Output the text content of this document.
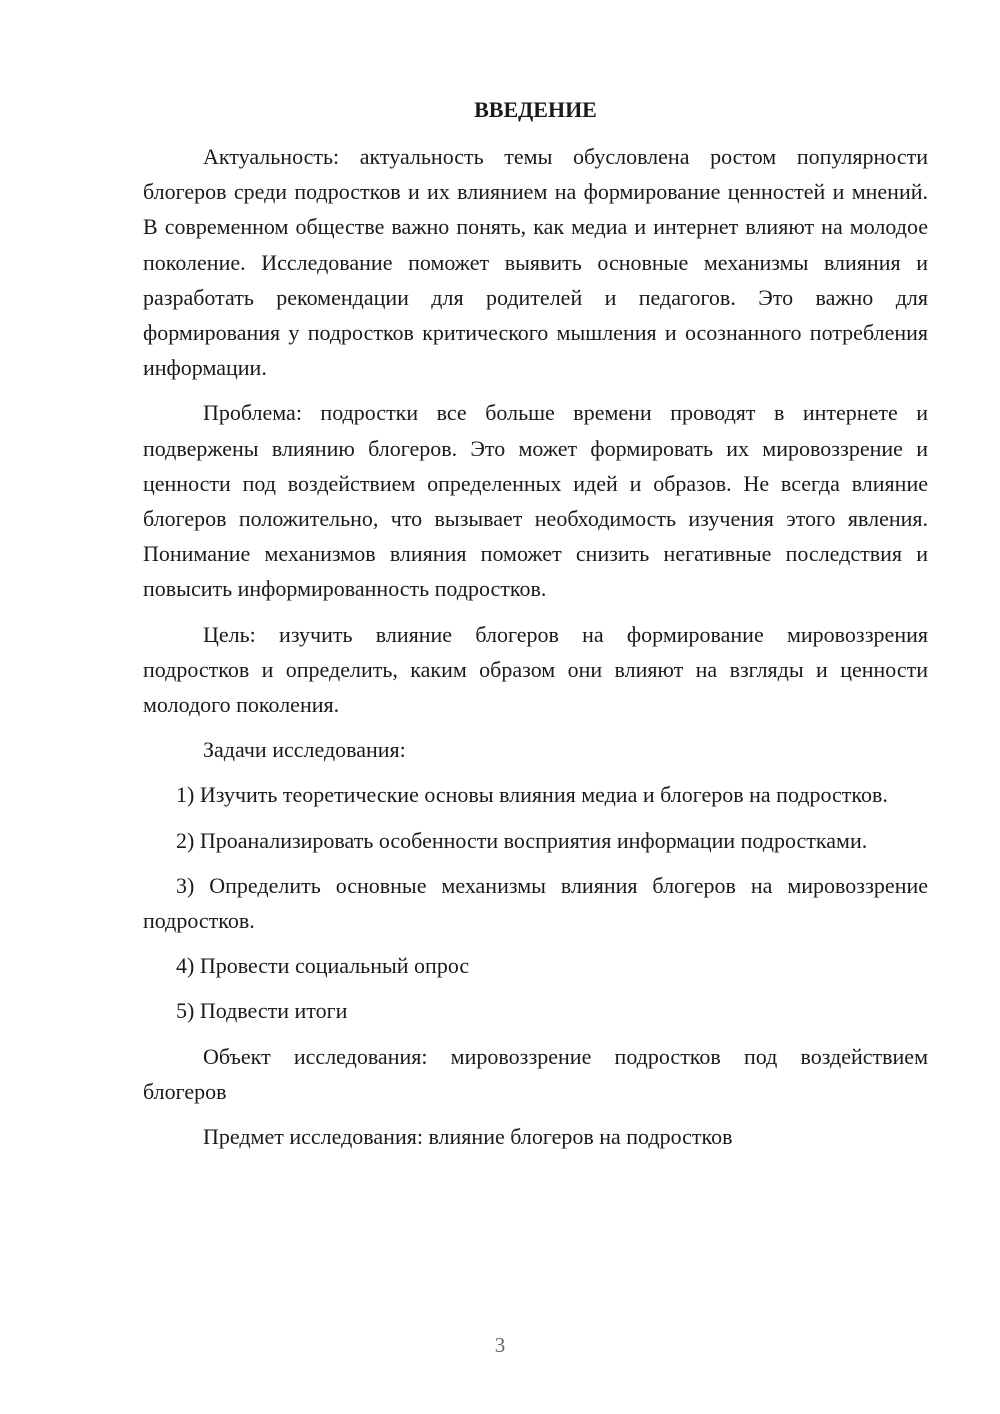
ВВЕДЕНИЕ

Актуальность: актуальность темы обусловлена ростом популярности блогеров среди подростков и их влиянием на формирование ценностей и мнений. В современном обществе важно понять, как медиа и интернет влияют на молодое поколение. Исследование поможет выявить основные механизмы влияния и разработать рекомендации для родителей и педагогов. Это важно для формирования у подростков критического мышления и осознанного потребления информации.

Проблема: подростки все больше времени проводят в интернете и подвержены влиянию блогеров. Это может формировать их мировоззрение и ценности под воздействием определенных идей и образов. Не всегда влияние блогеров положительно, что вызывает необходимость изучения этого явления. Понимание механизмов влияния поможет снизить негативные последствия и повысить информированность подростков.

Цель: изучить влияние блогеров на формирование мировоззрения подростков и определить, каким образом они влияют на взгляды и ценности молодого поколения.

Задачи исследования:

1) Изучить теоретические основы влияния медиа и блогеров на подростков.

2) Проанализировать особенности восприятия информации подростками.

3) Определить основные механизмы влияния блогеров на мировоззрение подростков.

4) Провести социальный опрос

5) Подвести итоги

Объект исследования: мировоззрение подростков под воздействием блогеров

Предмет исследования: влияние блогеров на подростков

3
